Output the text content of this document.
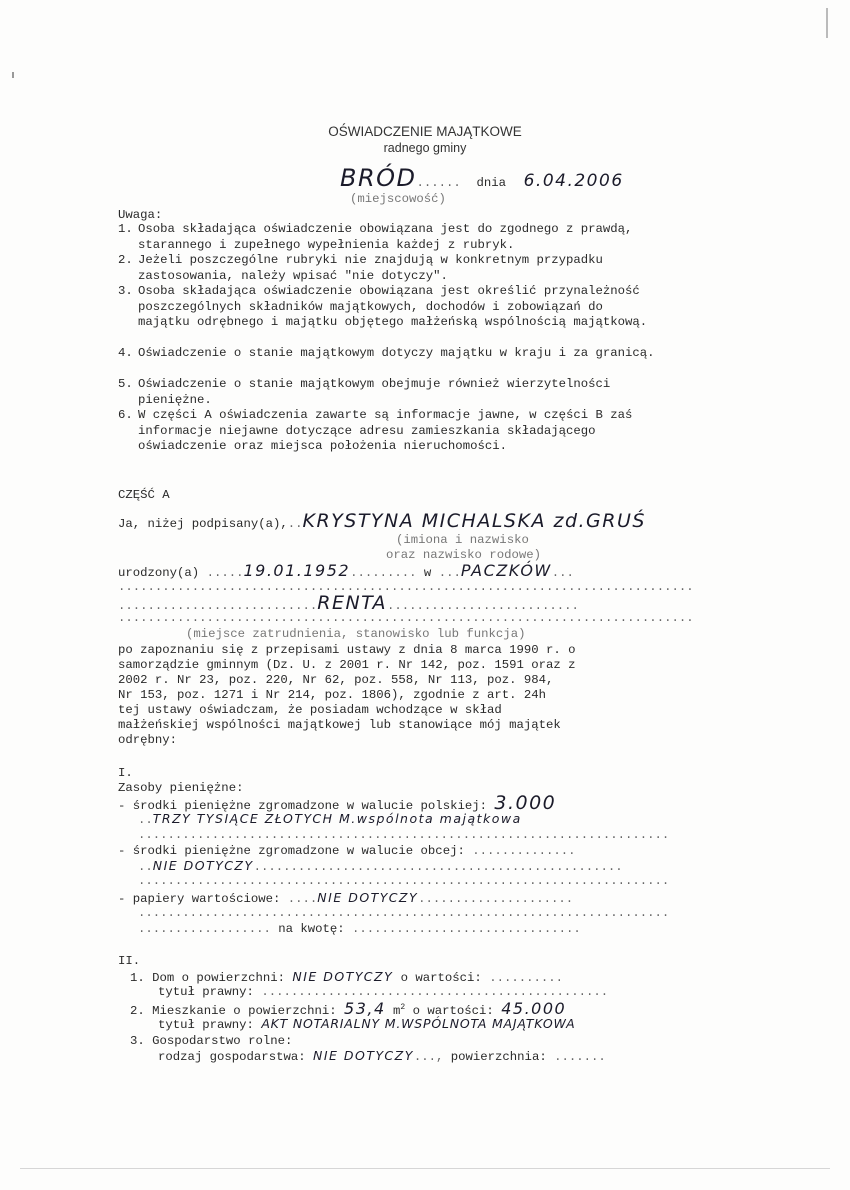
OŚWIADCZENIE MAJĄTKOWE
radnego gminy
BRÓD...... dnia 6.04.2006
(miejscowość)
Uwaga:
1. Osoba składająca oświadczenie obowiązana jest do zgodnego z prawdą, starannego i zupełnego wypełnienia każdej z rubryk.
2. Jeżeli poszczególne rubryki nie znajdują w konkretnym przypadku zastosowania, należy wpisać "nie dotyczy".
3. Osoba składająca oświadczenie obowiązana jest określić przynależność poszczególnych składników majątkowych, dochodów i zobowiązań do majątku odrębnego i majątku objętego małżeńską wspólnością majątkową.
4. Oświadczenie o stanie majątkowym dotyczy majątku w kraju i za granicą.
5. Oświadczenie o stanie majątkowym obejmuje również wierzytelności pieniężne.
6. W części A oświadczenia zawarte są informacje jawne, w części B zaś informacje niejawne dotyczące adresu zamieszkania składającego oświadczenie oraz miejsca położenia nieruchomości.
CZĘŚĆ A
Ja, niżej podpisany(a),..KRYSTYNA MICHALSKA zd.GRUŚ
(imiona i nazwisko
oraz nazwisko rodowe)
urodzony(a) .....19.01.1952......... w ...PACZKÓW...
..............................................................................
...........................RENTA..........................
..............................................................................
(miejsce zatrudnienia, stanowisko lub funkcja)
po zapoznaniu się z przepisami ustawy z dnia 8 marca 1990 r. o
samorządzie gminnym (Dz. U. z 2001 r. Nr 142, poz. 1591 oraz z
2002 r. Nr 23, poz. 220, Nr 62, poz. 558, Nr 113, poz. 984,
Nr 153, poz. 1271 i Nr 214, poz. 1806), zgodnie z art. 24h
tej ustawy oświadczam, że posiadam wchodzące w skład
małżeńskiej wspólności majątkowej lub stanowiące mój majątek
odrębny:
I.
Zasoby pieniężne:
- środki pieniężne zgromadzone w walucie polskiej: 3.000
..TRZY TYSIĄCE ZŁOTYCH M.wspólnota majątkowa
........................................................................
- środki pieniężne zgromadzone w walucie obcej: ..............
..NIE DOTYCZY..................................................
........................................................................
- papiery wartościowe: ....NIE DOTYCZY.....................
........................................................................
.................. na kwotę: ...............................
II.
1. Dom o powierzchni: NIE DOTYCZY o wartości: ..........
tytuł prawny: ...............................................
2. Mieszkanie o powierzchni: 53,4 $m^2$ o wartości: 45.000
tytuł prawny: AKT NOTARIALNY M.WSPÓLNOTA MAJĄTKOWA
3. Gospodarstwo rolne:
rodzaj gospodarstwa: NIE DOTYCZY..., powierzchnia: .......
